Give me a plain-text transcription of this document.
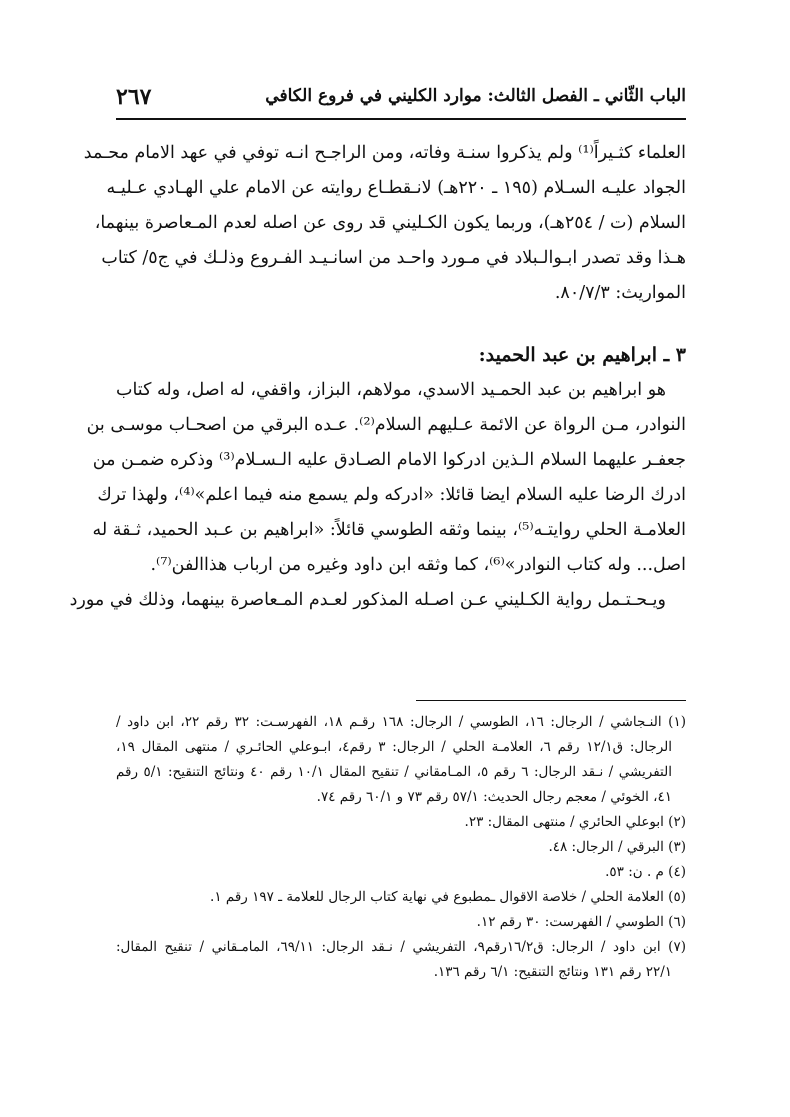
الباب الثّاني ـ الفصل الثالث: موارد الكليني في فروع الكافي
٢٦٧
العلماء كثـيراً⁽¹⁾ ولم يذكروا سنـة وفاته، ومن الراجـح انـه توفي في عهد الامام محـمد
الجواد عليـه السـلام (١٩٥ ـ ٢٢٠هـ) لانـقطـاع روايته عن الامام علي الهـادي عـليـه
السلام (ت / ٢٥٤هـ)، وربما يكون الكـليني قد روى عن اصله لعدم المـعاصرة بينهما،
هـذا وقد تصدر ابـوالـبلاد في مـورد واحـد من اسانـيـد الفـروع وذلـك في ج٥/ كتاب
المواريث: ٨٠/٧/٣.
٣ ـ ابراهيم بن عبد الحميد:
هو ابراهيم بن عبد الحمـيد الاسدي، مولاهم، البزاز، واقفي، له اصل، وله كتاب
النوادر، مـن الرواة عن الائمة عـليهم السلام⁽²⁾. عـده البرقي من اصحـاب موسـى بن
جعفـر عليهما السلام الـذين ادركوا الامام الصـادق عليه الـسـلام⁽³⁾ وذكره ضمـن من
ادرك الرضا عليه السلام ايضا قائلا: «ادركه ولم يسمع منه فيما اعلم»⁽⁴⁾، ولهذا ترك
العلامـة الحلي روايتـه⁽⁵⁾، بينما وثقه الطوسي قائلاً: «ابراهيم بن عـبد الحميد، ثـقة له
اصل... وله كتاب النوادر»⁽⁶⁾، كما وثقه ابن داود وغيره من ارباب هذاالفن⁽⁷⁾.
ويـحـتـمل رواية الكـليني عـن اصـله المذكور لعـدم المـعاصرة بينهما، وذلك في مورد
(١) النـجاشي / الرجال: ١٦، الطوسي / الرجال: ١٦٨ رقـم ١٨، الفهرسـت: ٣٢ رقم ٢٢، ابن داود /
الرجال: ق١٢/١ رقم ٦، العلامـة الحلي / الرجال: ٣ رقم٤، ابـوعلي الحائـري / منتهى المقال ١٩،
التفريشي / نـقد الرجال: ٦ رقم ٥، المـامقاني / تنقيح المقال ١٠/١ رقم ٤٠ ونتائج التنقيح: ٥/١ رقم
٤١، الخوئي / معجم رجال الحديث: ٥٧/١ رقم ٧٣ و ٦٠/١ رقم ٧٤.
(٢) ابوعلي الحائري / منتهى المقال: ٢٣.
(٣) البرقي / الرجال: ٤٨.
(٤) م . ن: ٥٣.
(٥) العلامة الحلي / خلاصة الاقوال ـمطبوع في نهاية كتاب الرجال للعلامة ـ ١٩٧ رقم ١.
(٦) الطوسي / الفهرست: ٣٠ رقم ١٢.
(٧) ابن داود / الرجال: ق١٦/٢رقم٩، التفريشي / نـقد الرجال: ٦٩/١١، المامـقاني / تنقيح المقال:
٢٢/١ رقم ١٣١ ونتائج التنقيح: ٦/١ رقم ١٣٦.
